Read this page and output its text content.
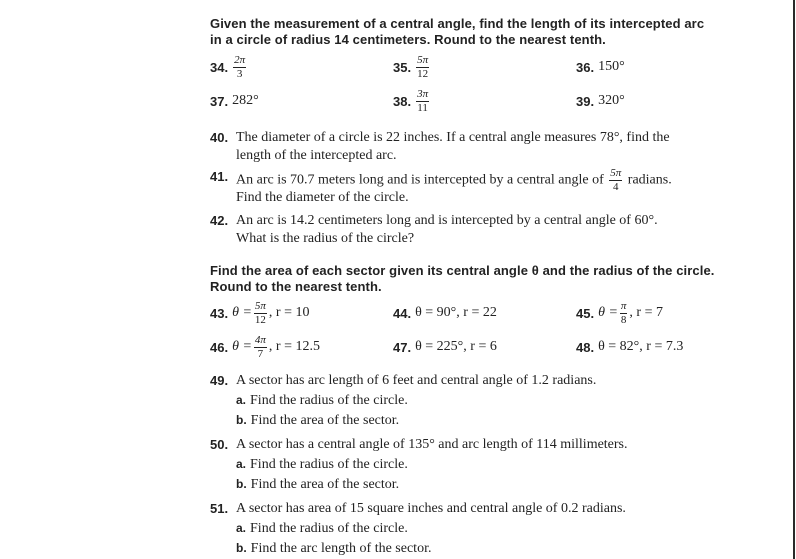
Given the measurement of a central angle, find the length of its intercepted arc
in a circle of radius 14 centimeters. Round to the nearest tenth.
34. $\frac{2\pi}{3}$	35. $\frac{5\pi}{12}$	36. 150°
37. 282°	38. $\frac{3\pi}{11}$	39. 320°
40. The diameter of a circle is 22 inches. If a central angle measures 78°, find the
length of the intercepted arc.
41. An arc is 70.7 meters long and is intercepted by a central angle of $\frac{5\pi}{4}$ radians.
Find the diameter of the circle.
42. An arc is 14.2 centimeters long and is intercepted by a central angle of 60°.
What is the radius of the circle?
Find the area of each sector given its central angle θ and the radius of the circle.
Round to the nearest tenth.
43. $\theta = \frac{5\pi}{12}$ , r = 10	44. θ = 90°, r = 22	45. $\theta = \frac{\pi}{8}$ , r = 7
46. $\theta = \frac{4\pi}{7}$ , r = 12.5	47. θ = 225°, r = 6	48. θ = 82°, r = 7.3
49. A sector has arc length of 6 feet and central angle of 1.2 radians.
a. Find the radius of the circle.
b. Find the area of the sector.
50. A sector has a central angle of 135° and arc length of 114 millimeters.
a. Find the radius of the circle.
b. Find the area of the sector.
51. A sector has area of 15 square inches and central angle of 0.2 radians.
a. Find the radius of the circle.
b. Find the arc length of the sector.
